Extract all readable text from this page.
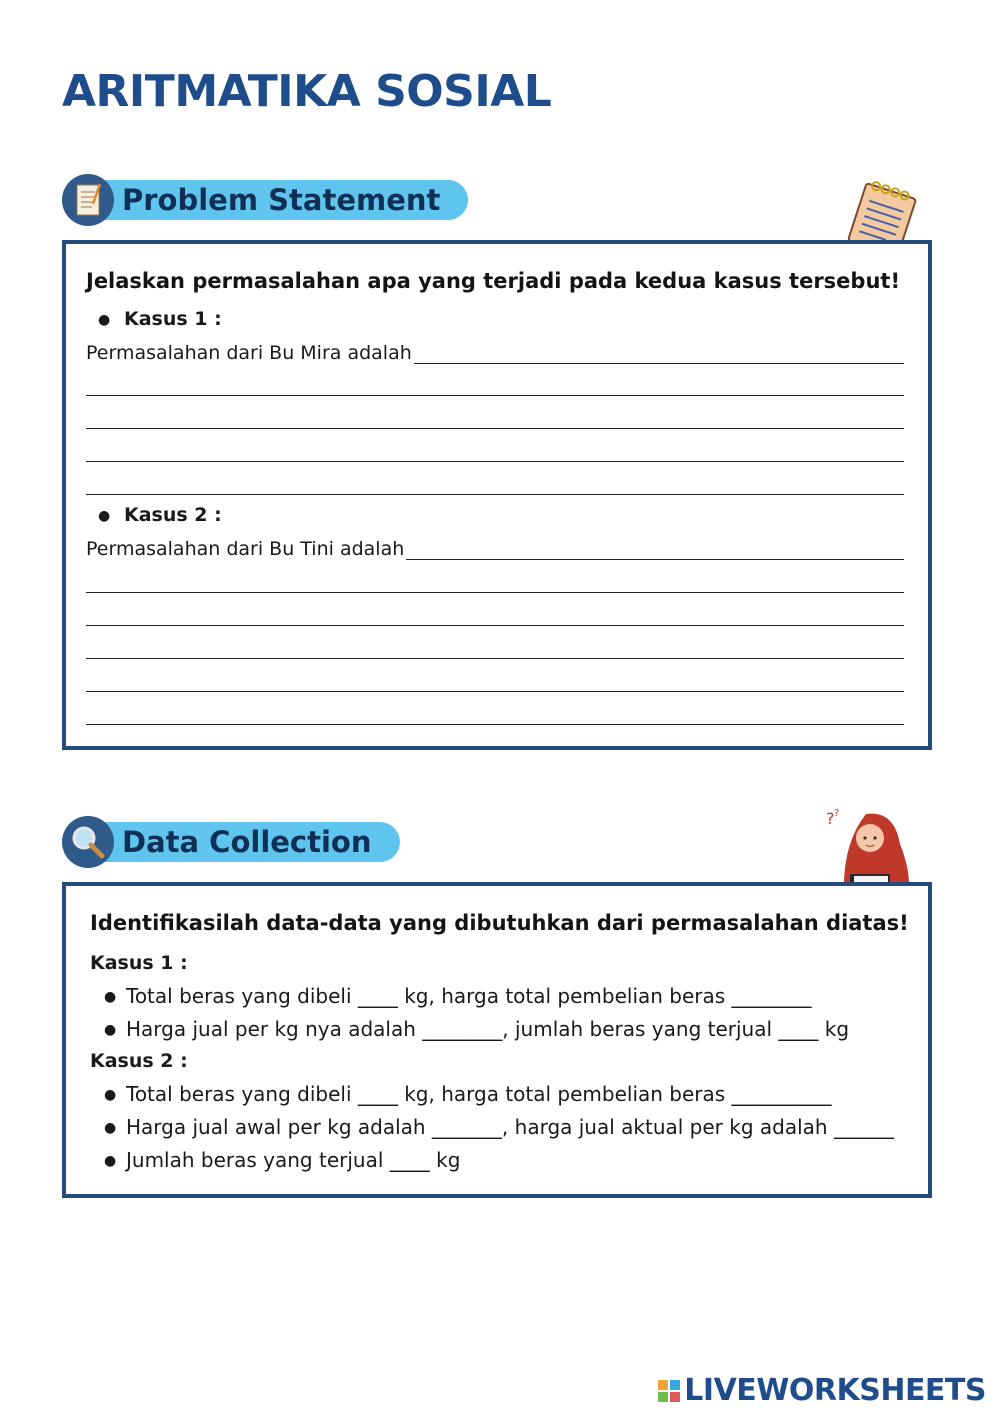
ARITMATIKA SOSIAL
Problem Statement
Jelaskan permasalahan apa yang terjadi pada kedua kasus tersebut!
● Kasus 1 :
Permasalahan dari Bu Mira adalah
● Kasus 2 :
Permasalahan dari Bu Tini adalah
Data Collection
? ?
Identifikasilah data-data yang dibutuhkan dari permasalahan diatas!
Kasus 1 :
● Total beras yang dibeli ____ kg, harga total pembelian beras ________
● Harga jual per kg nya adalah ________, jumlah beras yang terjual ____ kg
Kasus 2 :
● Total beras yang dibeli ____ kg, harga total pembelian beras __________
● Harga jual awal per kg adalah _______, harga jual aktual per kg adalah ______
● Jumlah beras yang terjual ____ kg
LIVEWORKSHEETS
